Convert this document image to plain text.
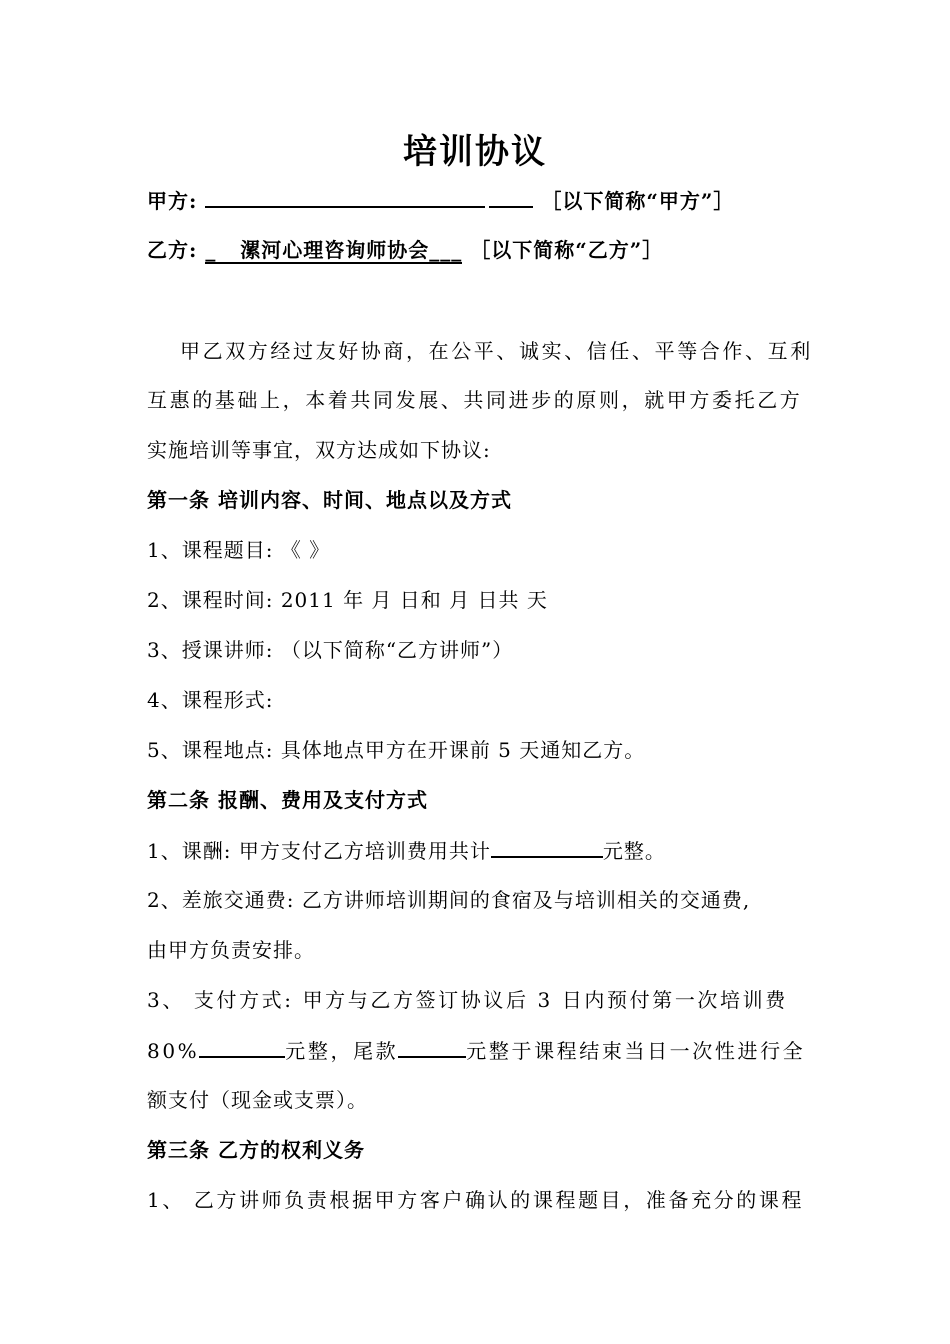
培训协议
甲方:	［以下简称“甲方”］
乙方: _ 漯河心理咨询师协会___ ［以下简称“乙方”］
甲乙双方经过友好协商，在公平、诚实、信任、平等合作、互利
互惠的基础上，本着共同发展、共同进步的原则，就甲方委托乙方
实施培训等事宜，双方达成如下协议:
第一条 培训内容、时间、地点以及方式
1、课程题目: 《 》
2、课程时间: 2011 年 月 日和 月 日共 天
3、授课讲师: （以下简称“乙方讲师”）
4、课程形式:
5、课程地点: 具体地点甲方在开课前 5 天通知乙方。
第二条 报酬、费用及支付方式
1、课酬: 甲方支付乙方培训费用共计	元整。
2、差旅交通费: 乙方讲师培训期间的食宿及与培训相关的交通费,
由甲方负责安排。
3、 支付方式: 甲方与乙方签订协议后 3 日内预付第一次培训费
80%	元整，尾款	元整于课程结束当日一次性进行全
额支付（现金或支票）。
第三条 乙方的权利义务
1、 乙方讲师负责根据甲方客户确认的课程题目，准备充分的课程
